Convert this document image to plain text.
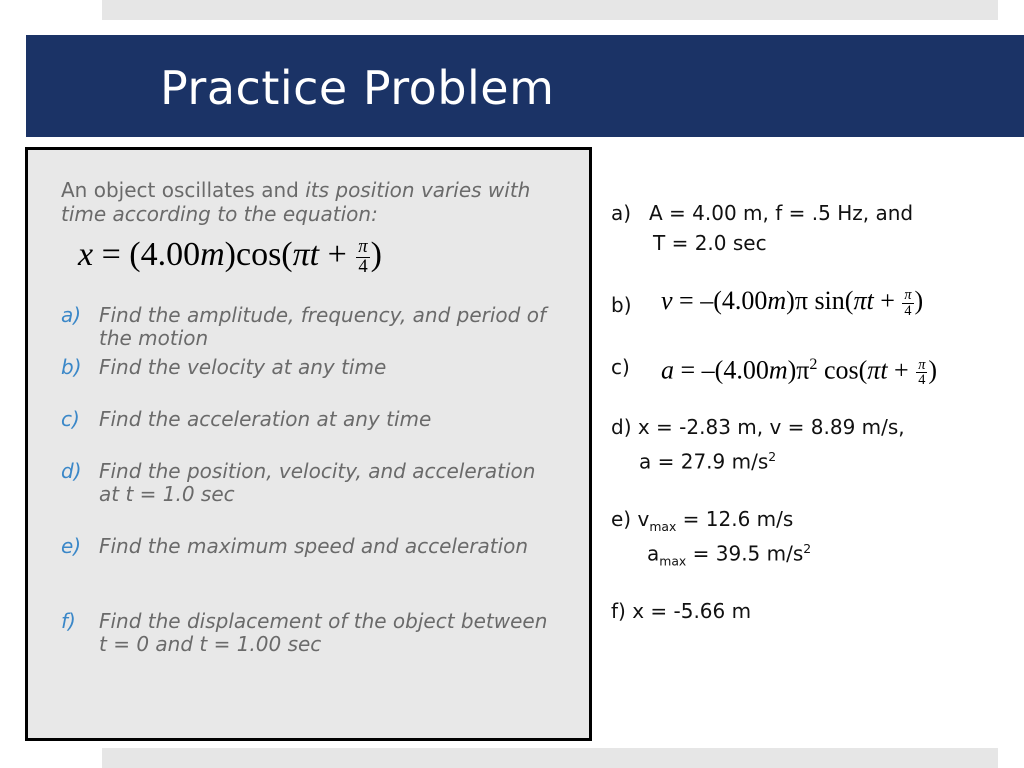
Practice Problem
An object oscillates and its position varies with time according to the equation:
$x = (4.00m)\cos(\pi t + \frac{\pi}{4}$ )
a) Find the amplitude, frequency, and period of the motion
b) Find the velocity at any time
c) Find the acceleration at any time
d) Find the position, velocity, and acceleration at t = 1.0 sec
e) Find the maximum speed and acceleration
f) Find the displacement of the object between t = 0 and t = 1.00 sec
a) A = 4.00 m, f = .5 Hz, and
T = 2.0 sec
b) v = –(4.00m)π $\sin(\pi t + \frac{\pi}{4}$ )
c) $a = -(4.00m)\pi^2$ $\cos(\pi t + \frac{\pi}{4}$ )
d) x = -2.83 m, v = 8.89 m/s,
a = 27.9 $m/s^2$
e) $v_{max} = 12.6$ m/s
$a_{max} = 39.5$ $m/s^2$
f) x = -5.66 m
